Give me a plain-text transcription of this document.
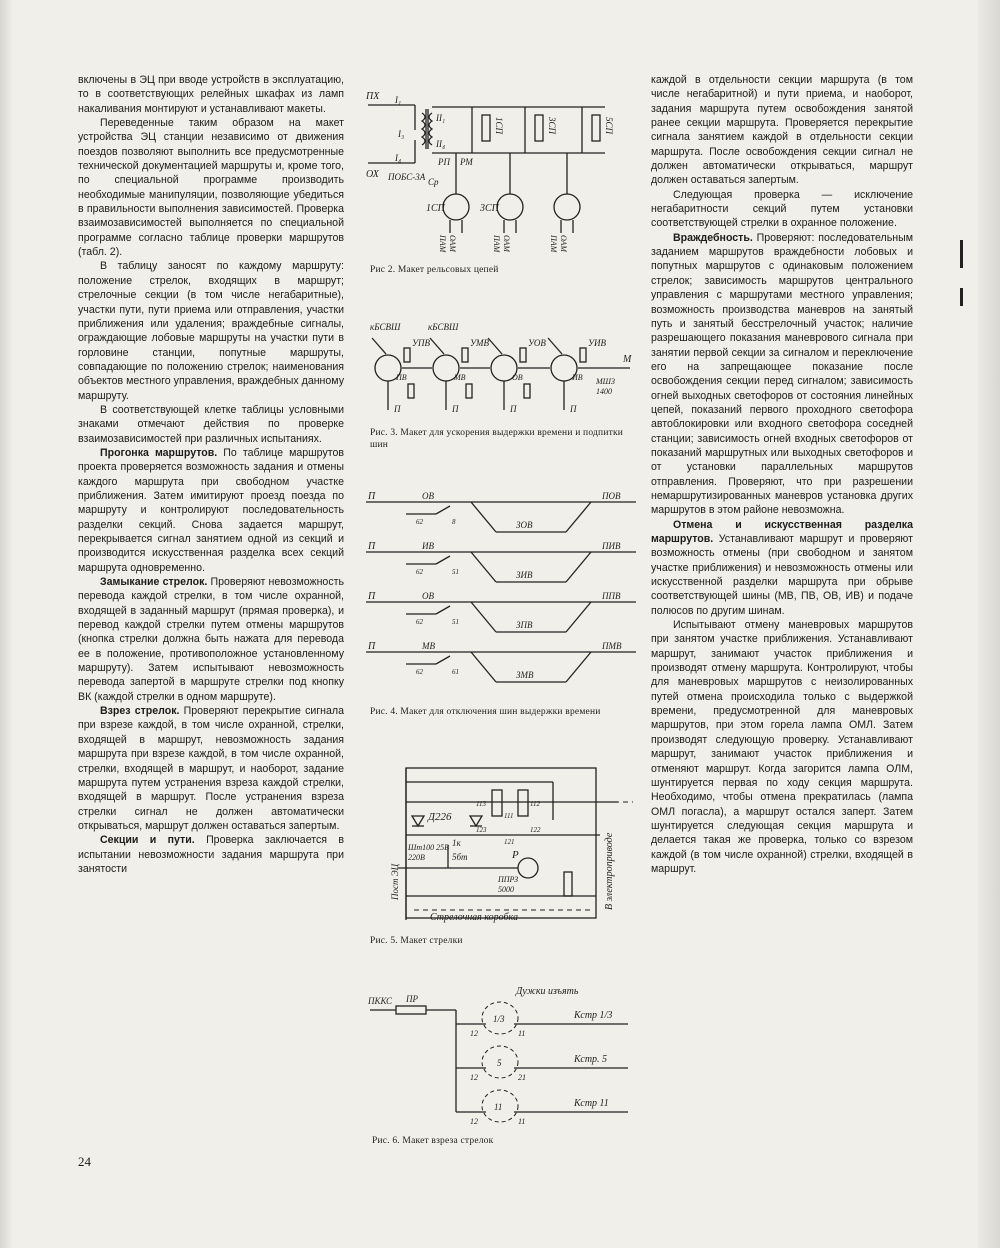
включены в ЭЦ при вводе устройств в эксплуатацию, то в соответствующих релейных шкафах из ламп накаливания монтируют и устанавливают макеты.

Переведенные таким образом на макет устройства ЭЦ станции независимо от движения поездов позволяют выполнить все предусмотренные технической документацией маршруты и, кроме того, по специальной программе производить необходимые манипуляции, позволяющие убедиться в правильности выполнения зависимостей. Проверка взаимозависимостей выполняется по специальной программе согласно таблице проверки маршрутов (табл. 2).

В таблицу заносят по каждому маршруту: положение стрелок, входящих в маршрут; стрелочные секции (в том числе негабаритные), участки пути, пути приема или отправления, участки приближения или удаления; враждебные сигналы, ограждающие лобовые маршруты на участки пути в горловине станции, попутные маршруты, совпадающие по положению стрелок; наименования объектов местного управления, враждебных данному маршруту.

В соответствующей клетке таблицы условными знаками отмечают действия по проверке взаимозависимостей при различных испытаниях.

Прогонка маршрутов. По таблице маршрутов проекта проверяется возможность задания и отмены каждого маршрута при свободном участке приближения. Затем имитируют проезд поезда по маршруту и контролируют последовательность разделки секций. Снова задается маршрут, перекрывается сигнал занятием одной из секций и производится искусственная разделка всех секций маршрута одновременно.

Замыкание стрелок. Проверяют невозможность перевода каждой стрелки, в том числе охранной, входящей в заданный маршрут (прямая проверка), и перевод каждой стрелки путем отмены маршрутов (кнопка стрелки должна быть нажата для перевода ее в положение, противоположное установленному маршруту). Затем испытывают невозможность перевода запертой в маршруте стрелки под кнопку ВК (каждой стрелки в одном маршруте).

Взрез стрелок. Проверяют перекрытие сигнала при взрезе каждой, в том числе охранной, стрелки, входящей в маршрут, невозможность задания маршрута при взрезе каждой, в том числе охранной, стрелки, входящей в маршрут, и наоборот, задание маршрута путем устранения взреза каждой стрелки, входящей в маршрут. После устранения взреза стрелки сигнал не должен автоматически открываться, маршрут должен оставаться запертым.

Секции и пути. Проверка заключается в испытании невозможности задания маршрута при занятости

каждой в отдельности секции маршрута (в том числе негабаритной) и пути приема, и наоборот, задания маршрута путем освобождения занятой ранее секции маршрута. Проверяется перекрытие сигнала занятием каждой в отдельности секции маршрута. После освобождения секции сигнал не должен автоматически открываться, маршрут должен оставаться запертым.

Следующая проверка — исключение негабаритности секций путем установки соответствующей стрелки в охранное положение.

Враждебность. Проверяют: последовательным заданием маршрутов враждебности лобовых и попутных маршрутов с одинаковым положением стрелок; зависимость маршрутов центрального управления с маршрутами местного управления; возможность производства маневров на занятый путь и занятый бесстрелочный участок; наличие разрешающего показания маневрового сигнала при занятии первой секции за сигналом и переключение его на запрещающее показание после освобождения секции перед сигналом; зависимость огней выходных светофоров от состояния линейных цепей, показаний первого проходного светофора автоблокировки или входного светофора соседней станции; зависимость огней входных светофоров от показаний маршрутных или выходных светофоров и от установки параллельных маршрутов отправления. Проверяют, что при разрешении немаршрутизированных маневров установка других маршрутов в этом районе невозможна.

Отмена и искусственная разделка маршрутов. Устанавливают маршрут и проверяют возможность отмены (при свободном и занятом участке приближения) и невозможность отмены или искусственной разделки маршрута при обрыве соответствующей шины (МВ, ПВ, ОВ, ИВ) и подаче полюсов по другим шинам.

Испытывают отмену маневровых маршрутов при занятом участке приближения. Устанавливают маршрут, занимают участок приближения и производят отмену маршрута. Контролируют, чтобы для маневровых маршрутов с неизолированных путей отмена происходила только с выдержкой времени, предусмотренной для маневровых маршрутов, при этом горела лампа ОМЛ. Затем производят следующую проверку. Устанавливают маршрут, занимают участок приближения и отменяют маршрут. Когда загорится лампа ОЛМ, шунтируется первая по ходу секция маршрута. Необходимо, чтобы отмена прекратилась (лампа ОМЛ погасла), а маршрут остался заперт. Затем шунтируется следующая секция маршрута и делается такая же проверка, только со взрезом каждой (в том числе охранной) стрелки, входящей в маршрут.

ПХ
ОХ
I₁
I₃
I₄
II₁
II₄
ПОБС-3А
РП
Ср
РМ
1СП	3СП	5СП
1СП	3СП
ПАМ ОАМ	ПАМ ОАМ	ПАМ ОАМ
Рис 2. Макет рельсовых цепей
кБСВШ	кБСВШ
УПВ	УМВ	УОВ	УИВ
ПВ	МВ	ОВ	ИВ
М
МШ3
1400
П	П	П	П
Рис. 3. Макет для ускорения выдержки времени и подпитки шин
П	ОВ	ПОВ
ЗОВ
62	8
П	ИВ	ПИВ
ЗИВ
62	51
П	ОВ	ППВ
ЗПВ
62	51
П	МВ	ПМВ
ЗМВ
62	61
Рис. 4. Макет для отключения шин выдержки времени
Д226
Шт100 25В
220В
1к
5бт	Р
ППРЗ
5000
Пост ЭЦ
Стрелочная коробка
В электроприводе
113	112
111
123	122
121
Рис. 5. Макет стрелки
ПККС ПР
Дужки изъять
Кстр 1/3
Кстр. 5
Кстр 11
1/3
5
11
12	11
12	21
12	11
Рис. 6. Макет взреза стрелок
24
